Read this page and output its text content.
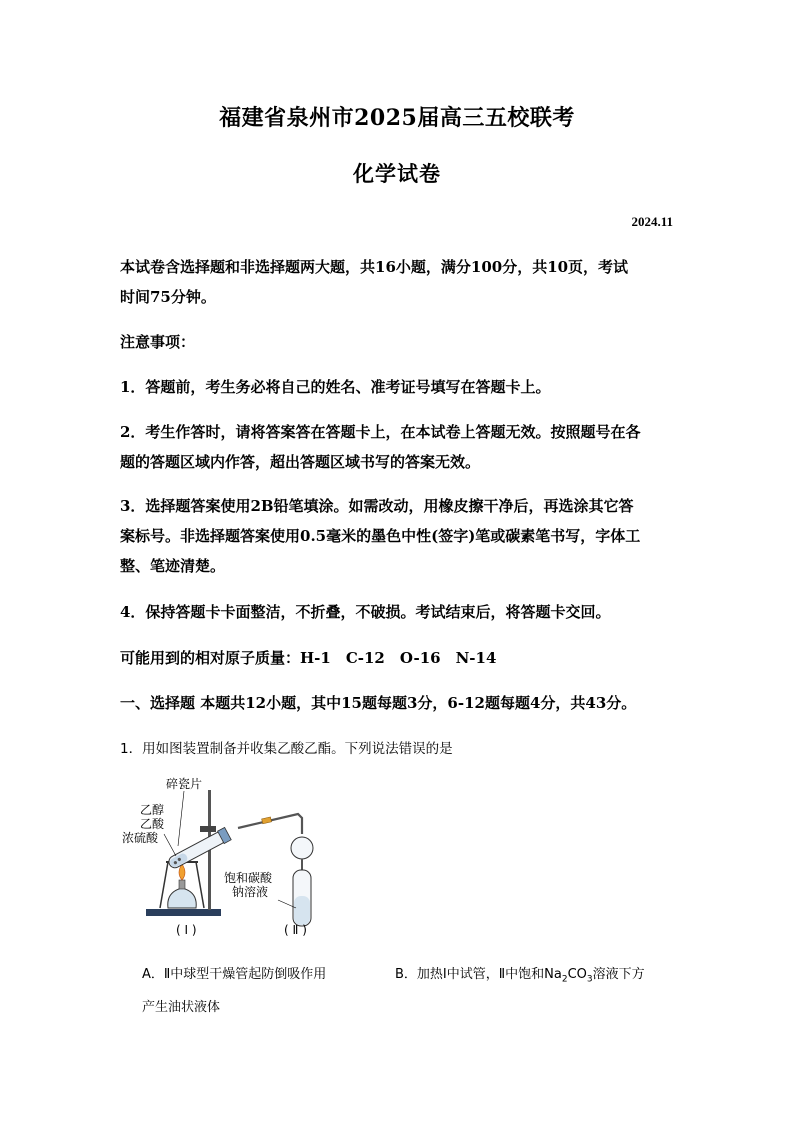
福建省泉州市2025届高三五校联考
化学试卷
2024.11
本试卷含选择题和非选择题两大题，共16小题，满分100分，共10页，考试
时间75分钟。
注意事项：
1．答题前，考生务必将自己的姓名、准考证号填写在答题卡上。
2．考生作答时，请将答案答在答题卡上，在本试卷上答题无效。按照题号在各
题的答题区域内作答，超出答题区域书写的答案无效。
3．选择题答案使用2B铅笔填涂。如需改动，用橡皮擦干净后，再选涂其它答
案标号。非选择题答案使用0.5毫米的墨色中性(签字)笔或碳素笔书写，字体工
整、笔迹清楚。
4．保持答题卡卡面整洁，不折叠，不破损。考试结束后，将答题卡交回。
可能用到的相对原子质量：H-1　C-12　O-16　N-14
一、选择题 本题共12小题，其中15题每题3分，6-12题每题4分，共43分。
1．用如图装置制备并收集乙酸乙酯。下列说法错误的是
碎瓷片
乙醇
乙酸
浓硫酸
饱和碳酸
钠溶液
( Ⅰ )	( Ⅱ )
A．Ⅱ中球型干燥管起防倒吸作用	B．加热Ⅰ中试管，Ⅱ中饱和$Na_2CO_3$溶液下方
产生油状液体
